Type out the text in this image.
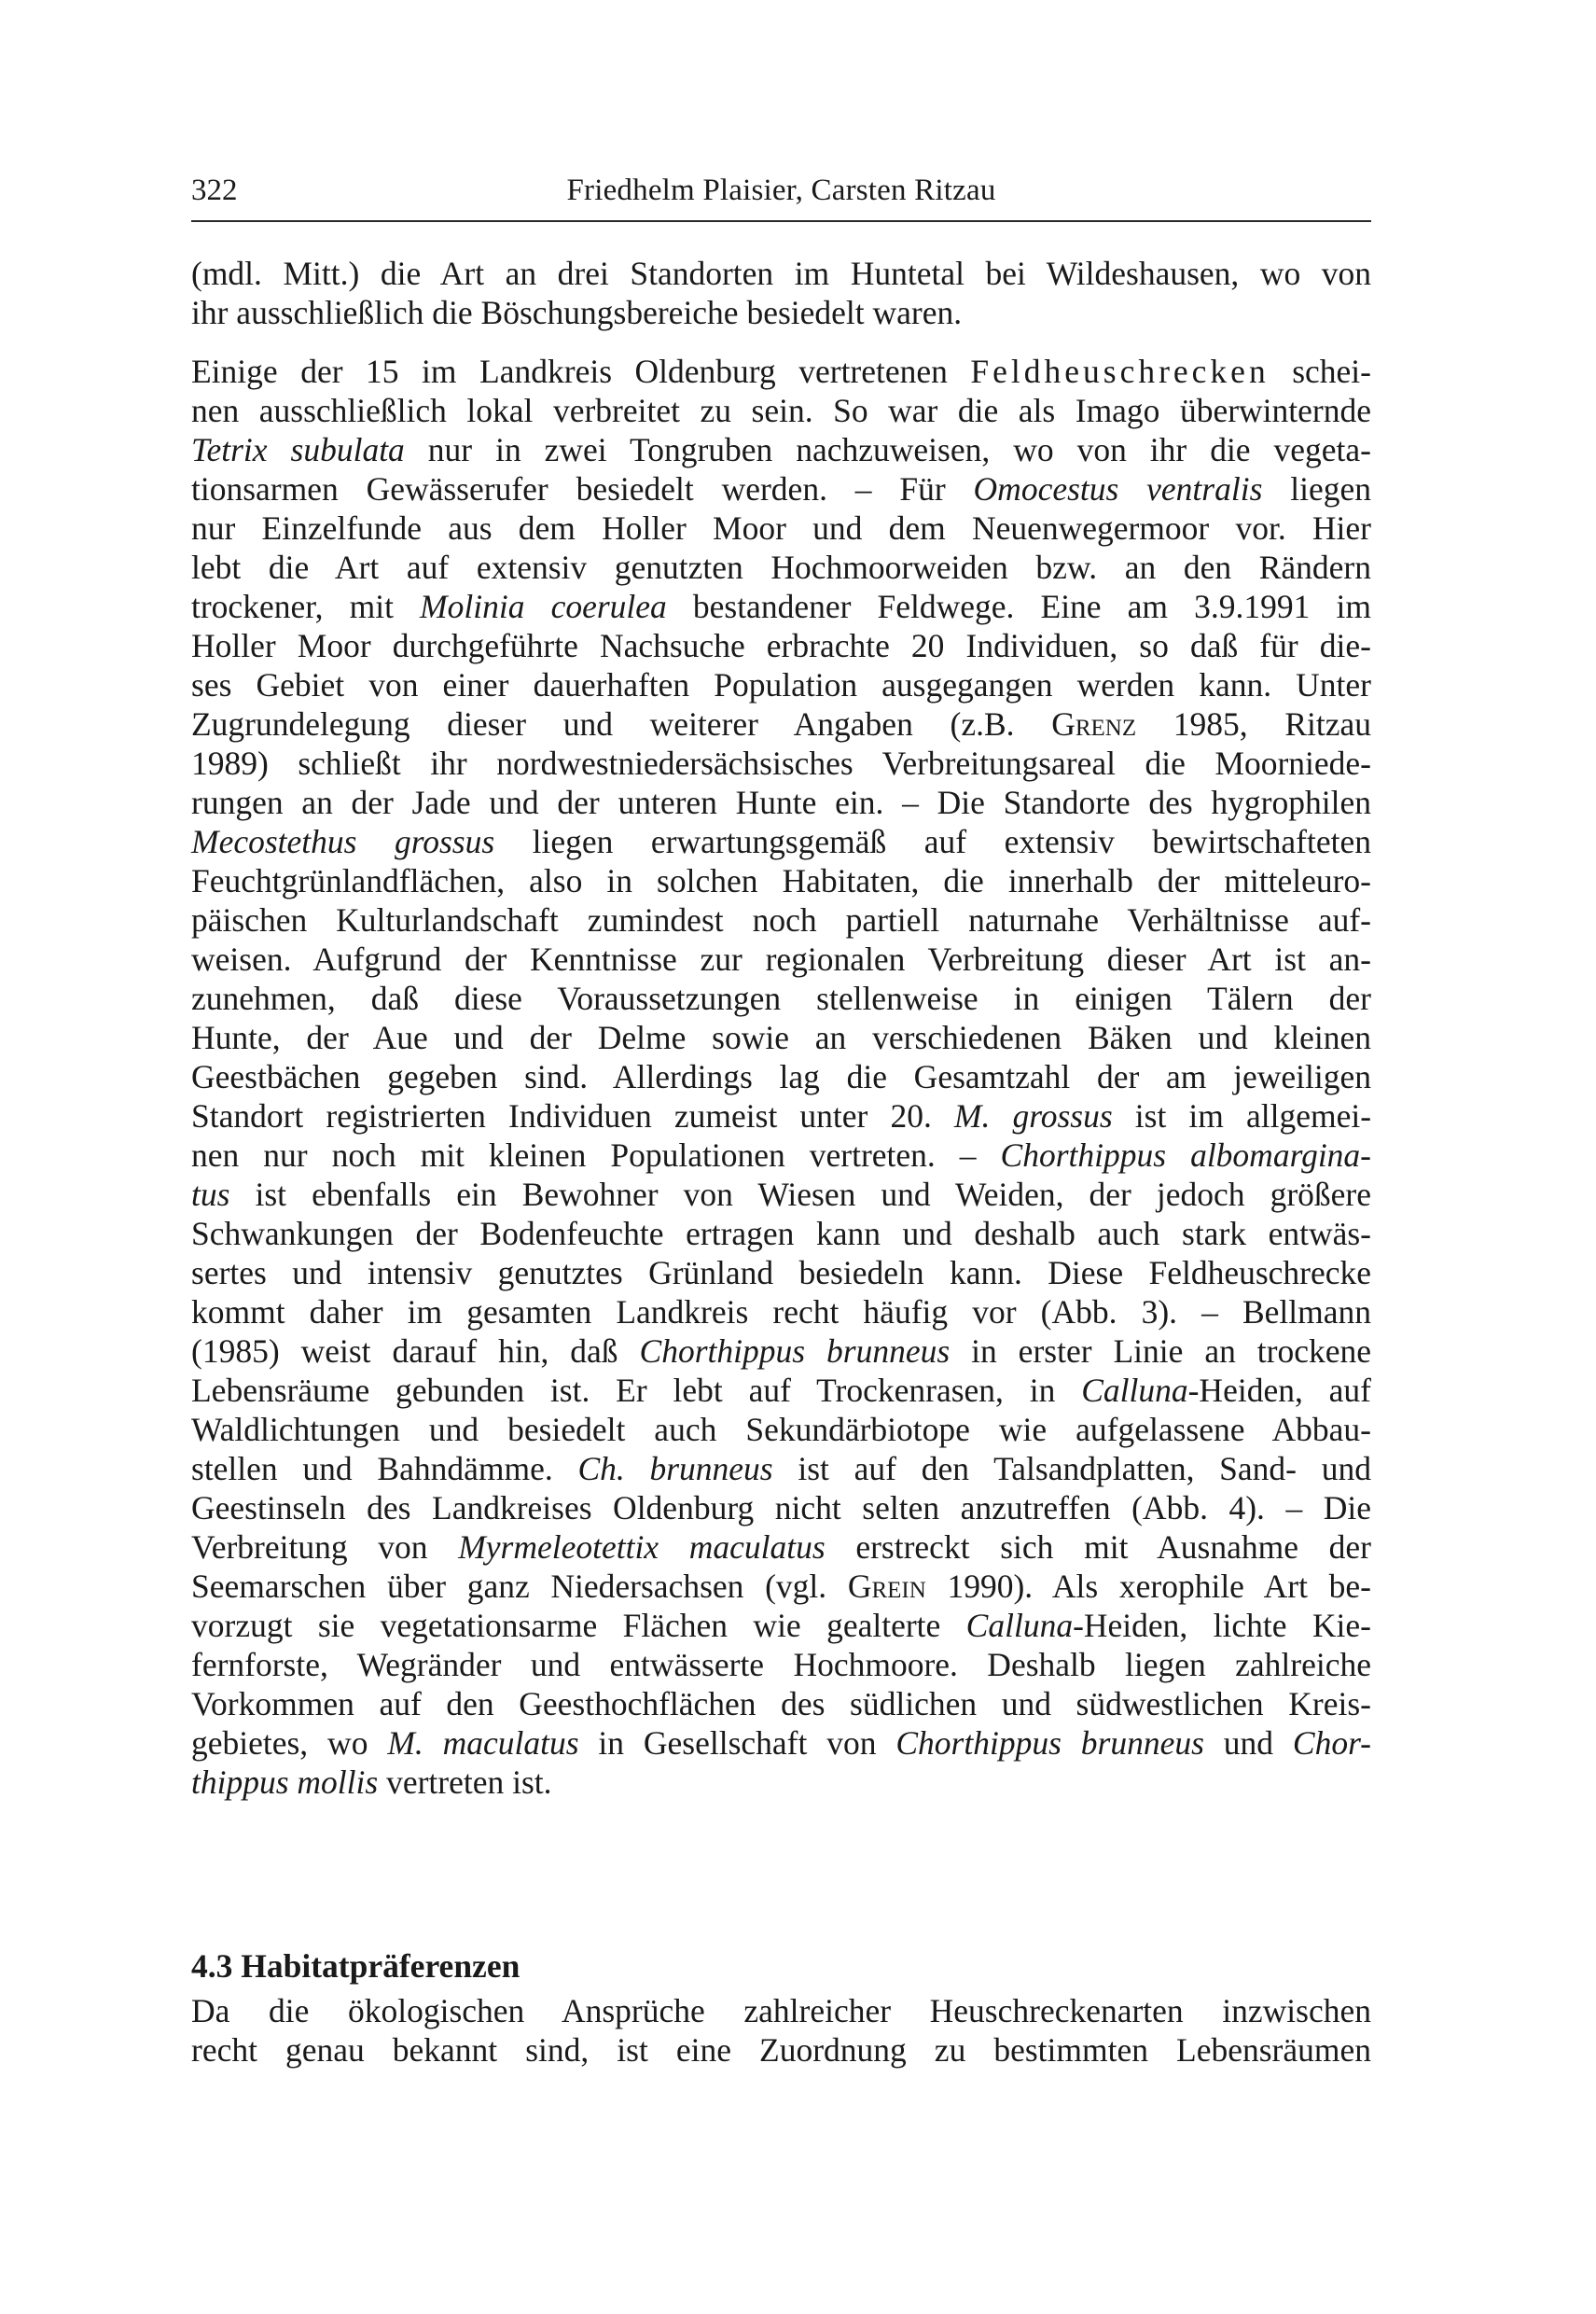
322	Friedhelm Plaisier, Carsten Ritzau
(mdl. Mitt.) die Art an drei Standorten im Huntetal bei Wildeshausen, wo von
ihr ausschließlich die Böschungsbereiche besiedelt waren.
Einige der 15 im Landkreis Oldenburg vertretenen Feldheuschrecken schei-
nen ausschließlich lokal verbreitet zu sein. So war die als Imago überwinternde
Tetrix subulata nur in zwei Tongruben nachzuweisen, wo von ihr die vegeta-
tionsarmen Gewässerufer besiedelt werden. – Für Omocestus ventralis liegen
nur Einzelfunde aus dem Holler Moor und dem Neuenwegermoor vor. Hier
lebt die Art auf extensiv genutzten Hochmoorweiden bzw. an den Rändern
trockener, mit Molinia coerulea bestandener Feldwege. Eine am 3.9.1991 im
Holler Moor durchgeführte Nachsuche erbrachte 20 Individuen, so daß für die-
ses Gebiet von einer dauerhaften Population ausgegangen werden kann. Unter
Zugrundelegung dieser und weiterer Angaben (z.B. Grenz 1985, Ritzau
1989) schließt ihr nordwestniedersächsisches Verbreitungsareal die Moorniede-
rungen an der Jade und der unteren Hunte ein. – Die Standorte des hygrophilen
Mecostethus grossus liegen erwartungsgemäß auf extensiv bewirtschafteten
Feuchtgrünlandflächen, also in solchen Habitaten, die innerhalb der mitteleuro-
päischen Kulturlandschaft zumindest noch partiell naturnahe Verhältnisse auf-
weisen. Aufgrund der Kenntnisse zur regionalen Verbreitung dieser Art ist an-
zunehmen, daß diese Voraussetzungen stellenweise in einigen Tälern der
Hunte, der Aue und der Delme sowie an verschiedenen Bäken und kleinen
Geestbächen gegeben sind. Allerdings lag die Gesamtzahl der am jeweiligen
Standort registrierten Individuen zumeist unter 20. M. grossus ist im allgemei-
nen nur noch mit kleinen Populationen vertreten. – Chorthippus albomargina-
tus ist ebenfalls ein Bewohner von Wiesen und Weiden, der jedoch größere
Schwankungen der Bodenfeuchte ertragen kann und deshalb auch stark entwäs-
sertes und intensiv genutztes Grünland besiedeln kann. Diese Feldheuschrecke
kommt daher im gesamten Landkreis recht häufig vor (Abb. 3). – Bellmann
(1985) weist darauf hin, daß Chorthippus brunneus in erster Linie an trockene
Lebensräume gebunden ist. Er lebt auf Trockenrasen, in Calluna-Heiden, auf
Waldlichtungen und besiedelt auch Sekundärbiotope wie aufgelassene Abbau-
stellen und Bahndämme. Ch. brunneus ist auf den Talsandplatten, Sand- und
Geestinseln des Landkreises Oldenburg nicht selten anzutreffen (Abb. 4). – Die
Verbreitung von Myrmeleotettix maculatus erstreckt sich mit Ausnahme der
Seemarschen über ganz Niedersachsen (vgl. Grein 1990). Als xerophile Art be-
vorzugt sie vegetationsarme Flächen wie gealterte Calluna-Heiden, lichte Kie-
fernforste, Wegränder und entwässerte Hochmoore. Deshalb liegen zahlreiche
Vorkommen auf den Geesthochflächen des südlichen und südwestlichen Kreis-
gebietes, wo M. maculatus in Gesellschaft von Chorthippus brunneus und Chor-
thippus mollis vertreten ist.
4.3 Habitatpräferenzen
Da die ökologischen Ansprüche zahlreicher Heuschreckenarten inzwischen
recht genau bekannt sind, ist eine Zuordnung zu bestimmten Lebensräumen
